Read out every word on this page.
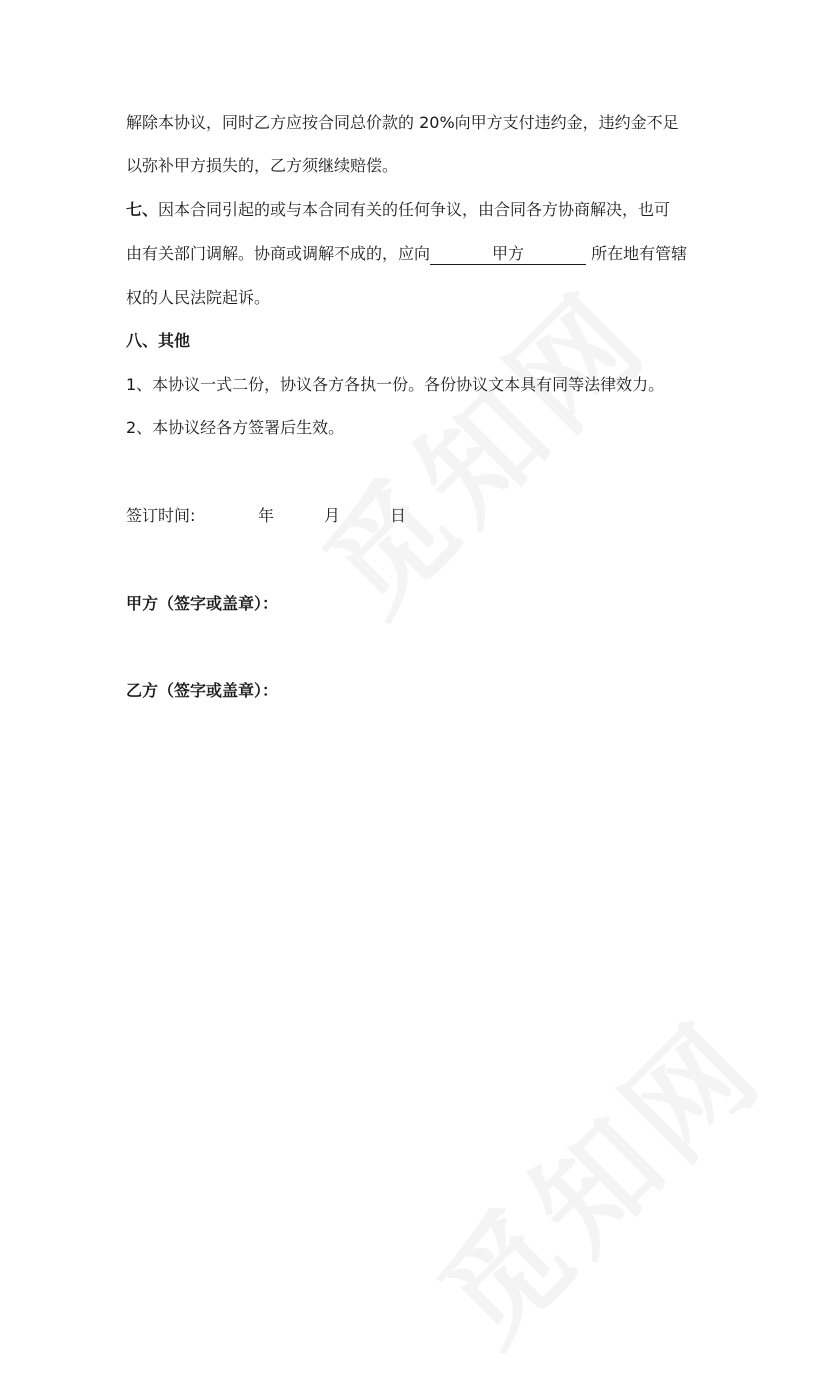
解除本协议，同时乙方应按合同总价款的 20%向甲方支付违约金，违约金不足
以弥补甲方损失的，乙方须继续赔偿。
七、因本合同引起的或与本合同有关的任何争议，由合同各方协商解决，也可
由有关部门调解。协商或调解不成的，应向	甲方	所在地有管辖
权的人民法院起诉。
八、其他
1、本协议一式二份，协议各方各执一份。各份协议文本具有同等法律效力。
2、本协议经各方签署后生效。
签订时间:	年	月	日
甲方（签字或盖章）：
乙方（签字或盖章）：
